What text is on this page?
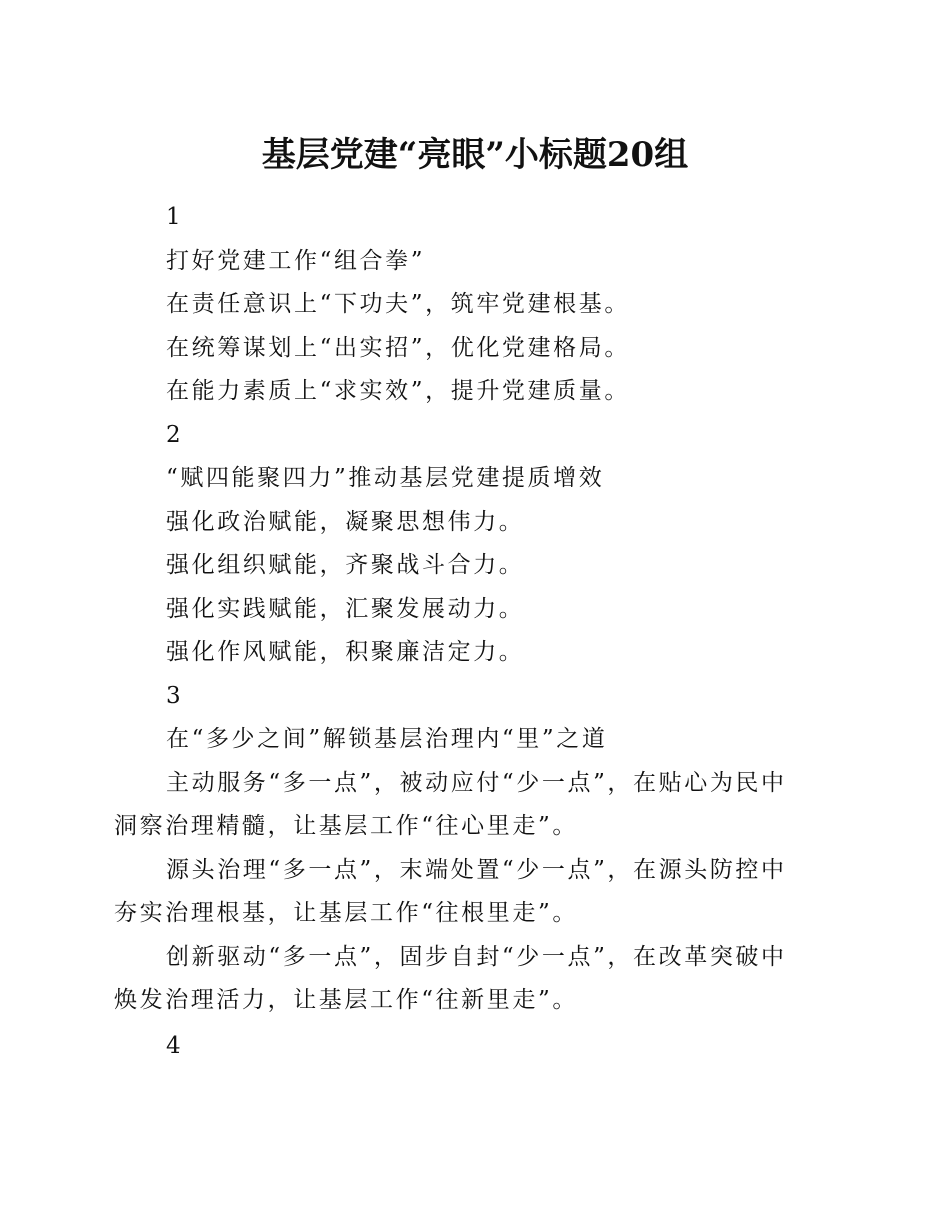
基层党建“亮眼”小标题20组
1
打好党建工作“组合拳”
在责任意识上“下功夫”，筑牢党建根基。
在统筹谋划上“出实招”，优化党建格局。
在能力素质上“求实效”，提升党建质量。
2
“赋四能聚四力”推动基层党建提质增效
强化政治赋能，凝聚思想伟力。
强化组织赋能，齐聚战斗合力。
强化实践赋能，汇聚发展动力。
强化作风赋能，积聚廉洁定力。
3
在“多少之间”解锁基层治理内“里”之道
主动服务“多一点”，被动应付“少一点”，在贴心为民中洞察治理精髓，让基层工作“往心里走”。
源头治理“多一点”，末端处置“少一点”，在源头防控中夯实治理根基，让基层工作“往根里走”。
创新驱动“多一点”，固步自封“少一点”，在改革突破中焕发治理活力，让基层工作“往新里走”。
4
